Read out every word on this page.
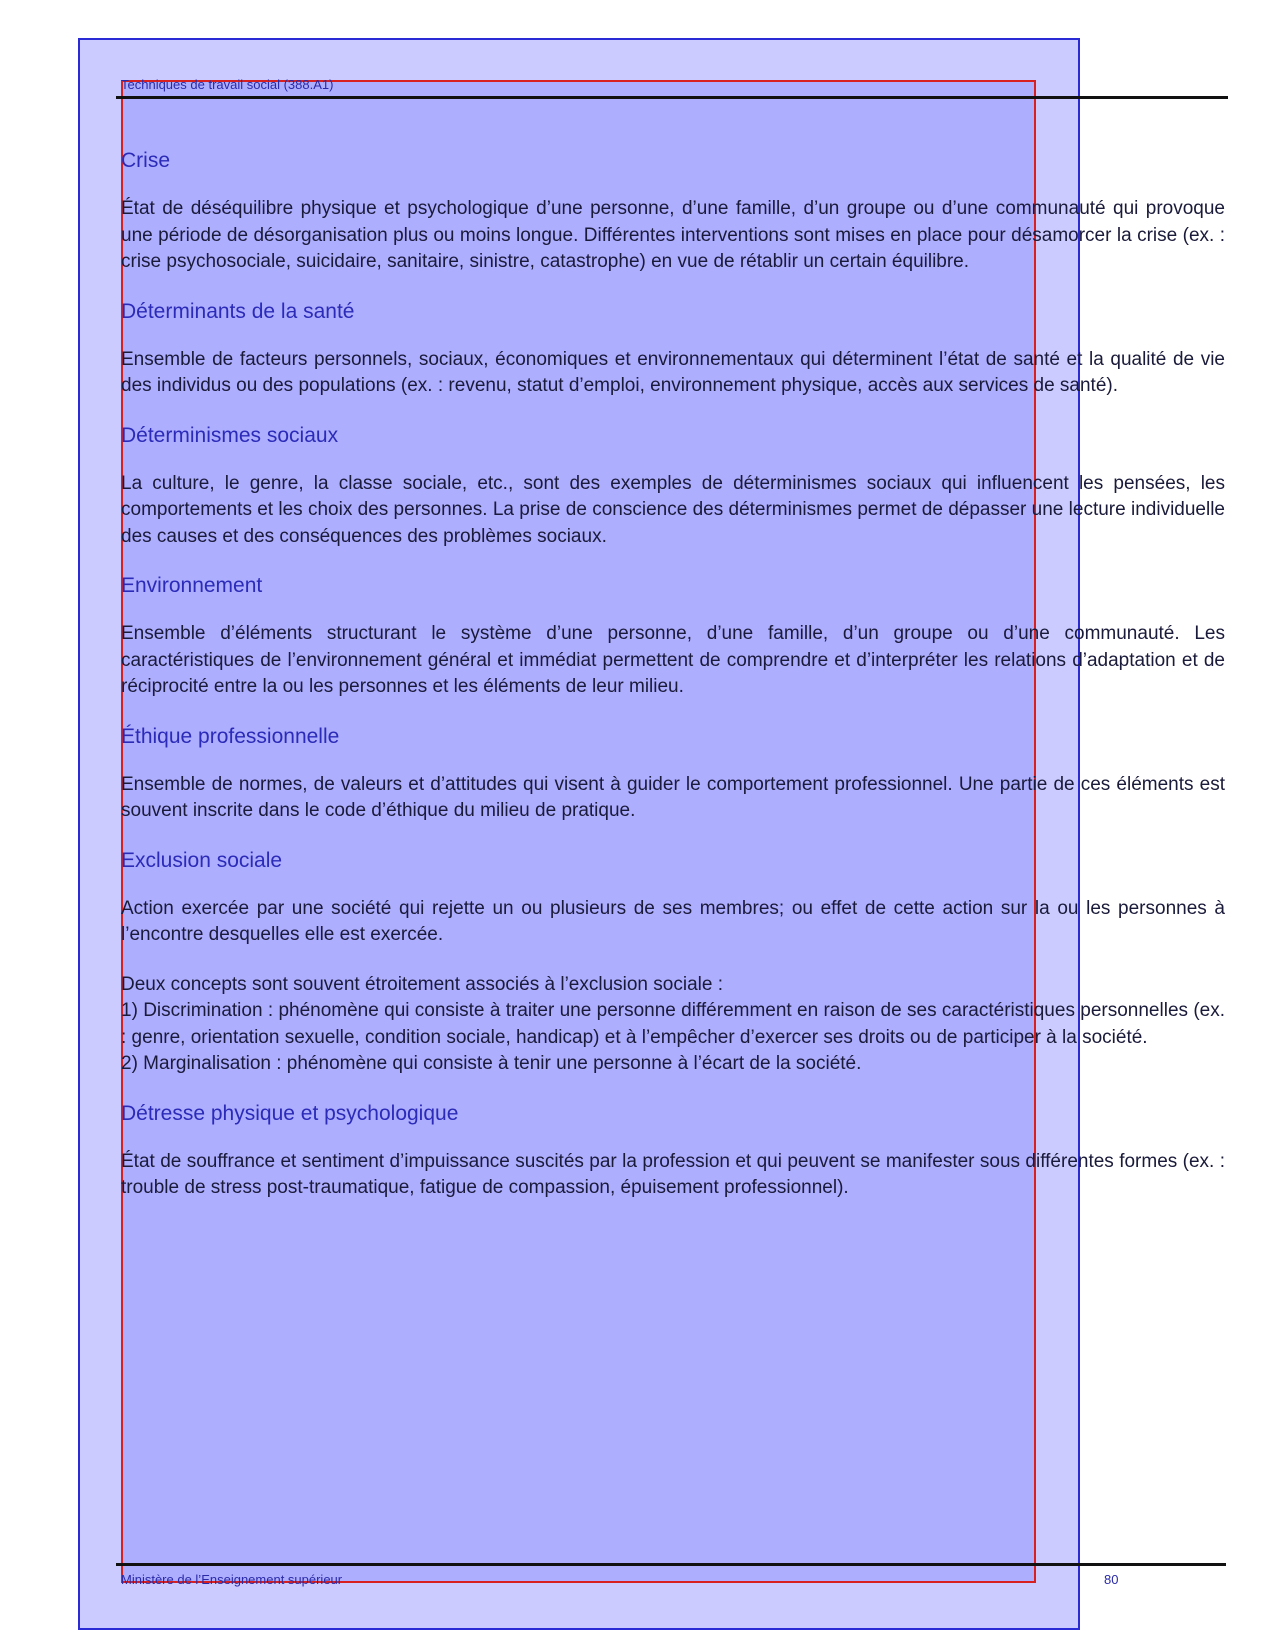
Techniques de travail social (388.A1)
Crise

État de déséquilibre physique et psychologique d’une personne, d’une famille, d’un groupe ou d’une communauté qui provoque une période de désorganisation plus ou moins longue. Différentes interventions sont mises en place pour désamorcer la crise (ex. : crise psychosociale, suicidaire, sanitaire, sinistre, catastrophe) en vue de rétablir un certain équilibre.

Déterminants de la santé

Ensemble de facteurs personnels, sociaux, économiques et environnementaux qui déterminent l’état de santé et la qualité de vie des individus ou des populations (ex. : revenu, statut d’emploi, environnement physique, accès aux services de santé).

Déterminismes sociaux

La culture, le genre, la classe sociale, etc., sont des exemples de déterminismes sociaux qui influencent les pensées, les comportements et les choix des personnes. La prise de conscience des déterminismes permet de dépasser une lecture individuelle des causes et des conséquences des problèmes sociaux.

Environnement

Ensemble d’éléments structurant le système d’une personne, d’une famille, d’un groupe ou d’une communauté. Les caractéristiques de l’environnement général et immédiat permettent de comprendre et d’interpréter les relations d’adaptation et de réciprocité entre la ou les personnes et les éléments de leur milieu.

Éthique professionnelle

Ensemble de normes, de valeurs et d’attitudes qui visent à guider le comportement professionnel. Une partie de ces éléments est souvent inscrite dans le code d’éthique du milieu de pratique.

Exclusion sociale

Action exercée par une société qui rejette un ou plusieurs de ses membres; ou effet de cette action sur la ou les personnes à l’encontre desquelles elle est exercée.

Deux concepts sont souvent étroitement associés à l’exclusion sociale :

1) Discrimination : phénomène qui consiste à traiter une personne différemment en raison de ses caractéristiques personnelles (ex. : genre, orientation sexuelle, condition sociale, handicap) et à l’empêcher d’exercer ses droits ou de participer à la société.

2) Marginalisation : phénomène qui consiste à tenir une personne à l’écart de la société.

Détresse physique et psychologique

État de souffrance et sentiment d’impuissance suscités par la profession et qui peuvent se manifester sous différentes formes (ex. : trouble de stress post-traumatique, fatigue de compassion, épuisement professionnel).

Ministère de l’Enseignement supérieur	80
